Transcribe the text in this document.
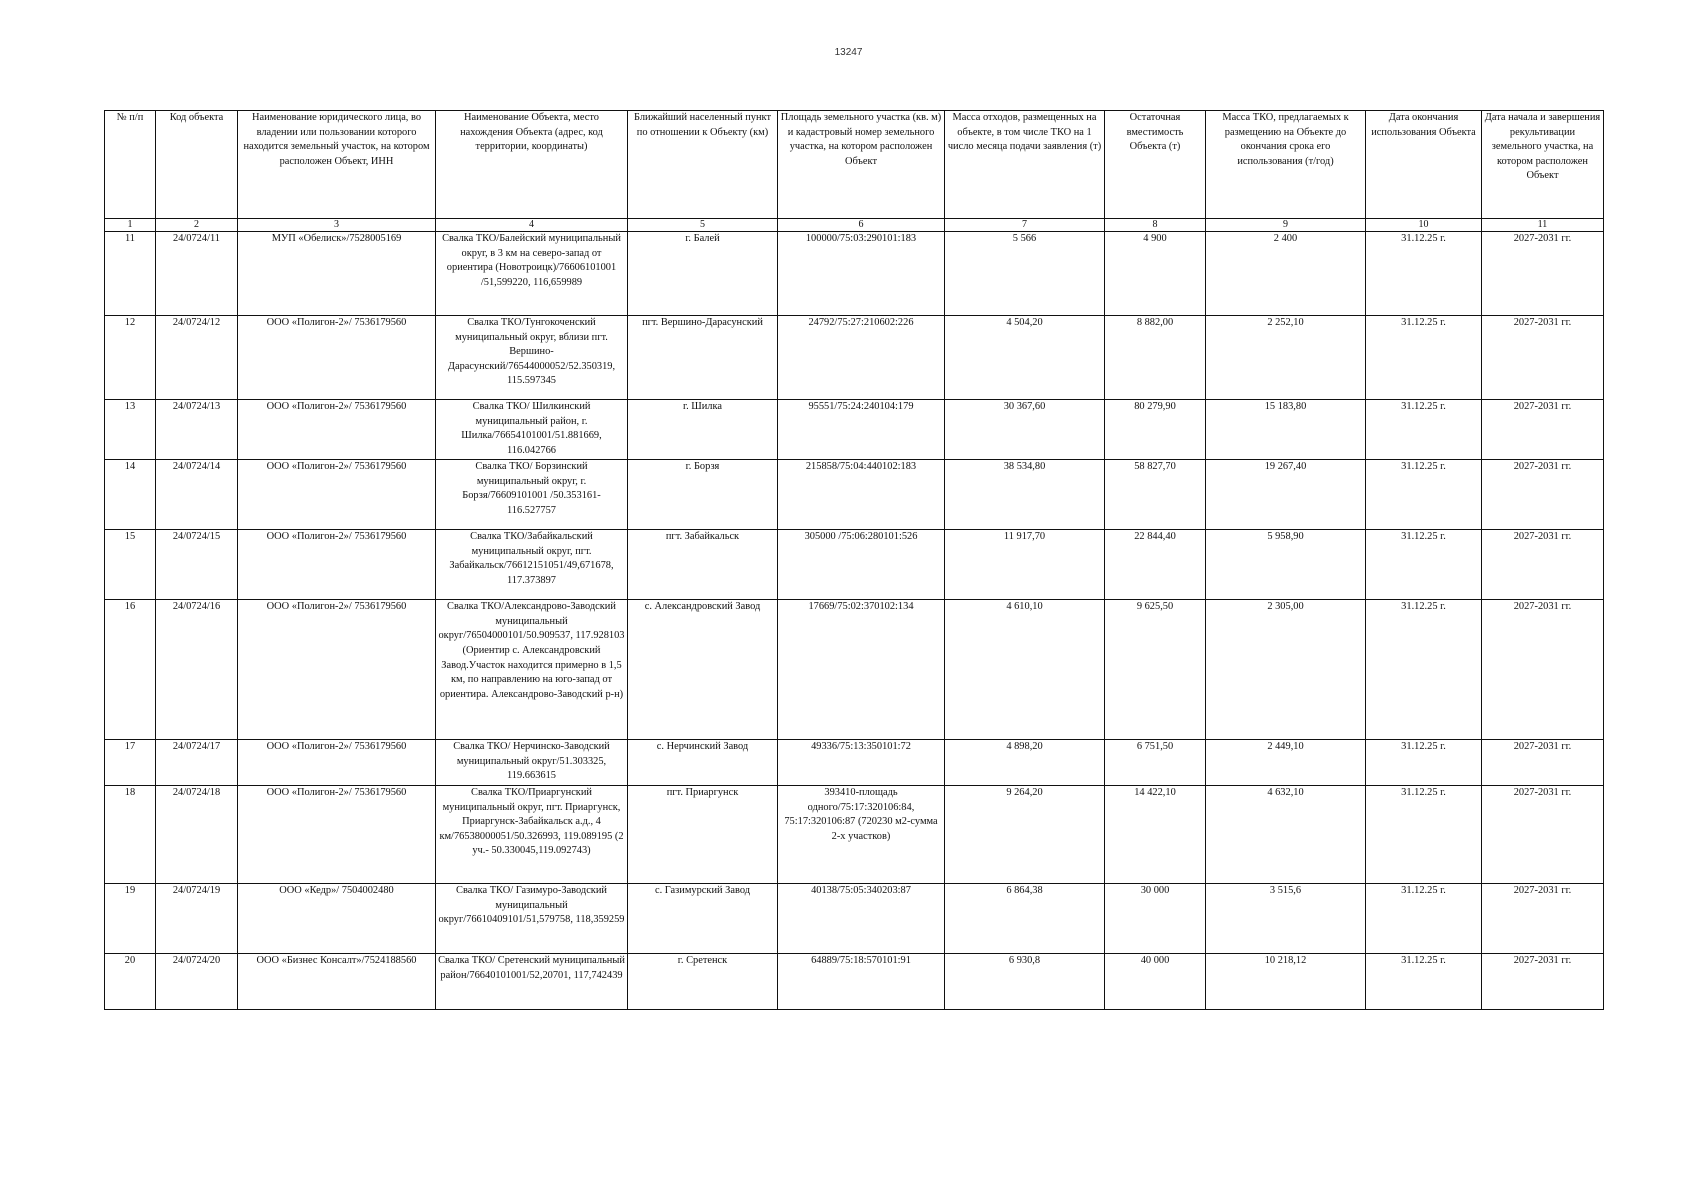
13247
№ п/п	Код объекта	Наименование юридического лица, во владении или пользовании которого находится земельный участок, на котором расположен Объект, ИНН	Наименование Объекта, место нахождения Объекта (адрес, код территории, координаты)	Ближайший населенный пункт по отношении к Объекту (км)	Площадь земельного участка (кв. м) и кадастровый номер земельного участка, на котором расположен Объект	Масса отходов, размещенных на объекте, в том числе ТКО на 1 число месяца подачи заявления (т)	Остаточная вместимость Объекта (т)	Масса ТКО, предлагаемых к размещению на Объекте до окончания срока его использования (т/год)	Дата окончания использования Объекта	Дата начала и завершения рекультивации земельного участка, на котором расположен Объект
1	2	3	4	5	6	7	8	9	10	11
11	24/0724/11	МУП «Обелиск»/7528005169	Свалка ТКО/Балейский муниципальный округ, в 3 км на северо-запад от ориентира (Новотроицк)/76606101001 /51,599220, 116,659989	г. Балей	100000/75:03:290101:183	5 566	4 900	2 400	31.12.25 г.	2027-2031 гг.
12	24/0724/12	ООО «Полигон-2»/ 7536179560	Свалка ТКО/Тунгокоченский муниципальный округ, вблизи пгт. Вершино-Дарасунский/76544000052/52.350319, 115.597345	пгт. Вершино-Дарасунский	24792/75:27:210602:226	4 504,20	8 882,00	2 252,10	31.12.25 г.	2027-2031 гг.
13	24/0724/13	ООО «Полигон-2»/ 7536179560	Свалка ТКО/ Шилкинский муниципальный район, г. Шилка/76654101001/51.881669, 116.042766	г. Шилка	95551/75:24:240104:179	30 367,60	80 279,90	15 183,80	31.12.25 г.	2027-2031 гг.
14	24/0724/14	ООО «Полигон-2»/ 7536179560	Свалка ТКО/ Борзинский муниципальный округ, г. Борзя/76609101001 /50.353161-116.527757	г. Борзя	215858/75:04:440102:183	38 534,80	58 827,70	19 267,40	31.12.25 г.	2027-2031 гг.
15	24/0724/15	ООО «Полигон-2»/ 7536179560	Свалка ТКО/Забайкальский муниципальный округ, пгт. Забайкальск/76612151051/49,671678, 117.373897	пгт. Забайкальск	305000 /75:06:280101:526	11 917,70	22 844,40	5 958,90	31.12.25 г.	2027-2031 гг.
16	24/0724/16	ООО «Полигон-2»/ 7536179560	Свалка ТКО/Александрово-Заводский муниципальный округ/76504000101/50.909537, 117.928103 (Ориентир с. Александровский Завод.Участок находится примерно в 1,5 км, по направлению на юго-запад от ориентира. Александрово-Заводский р-н)	с. Александровский Завод	17669/75:02:370102:134	4 610,10	9 625,50	2 305,00	31.12.25 г.	2027-2031 гг.
17	24/0724/17	ООО «Полигон-2»/ 7536179560	Свалка ТКО/ Нерчинско-Заводский муниципальный округ/51.303325, 119.663615	с. Нерчинский Завод	49336/75:13:350101:72	4 898,20	6 751,50	2 449,10	31.12.25 г.	2027-2031 гг.
18	24/0724/18	ООО «Полигон-2»/ 7536179560	Свалка ТКО/Приаргунский муниципальный округ, пгт. Приаргунск, Приаргунск-Забайкальск а.д., 4 км/76538000051/50.326993, 119.089195 (2 уч.- 50.330045,119.092743)	пгт. Приаргунск	393410-площадь одного/75:17:320106:84, 75:17:320106:87 (720230 м2-сумма 2-х участков)	9 264,20	14 422,10	4 632,10	31.12.25 г.	2027-2031 гг.
19	24/0724/19	ООО «Кедр»/ 7504002480	Свалка ТКО/ Газимуро-Заводский муниципальный округ/76610409101/51,579758, 118,359259	с. Газимурский Завод	40138/75:05:340203:87	6 864,38	30 000	3 515,6	31.12.25 г.	2027-2031 гг.
20	24/0724/20	ООО «Бизнес Консалт»/7524188560	Свалка ТКО/ Сретенский муниципальный район/76640101001/52,20701, 117,742439	г. Сретенск	64889/75:18:570101:91	6 930,8	40 000	10 218,12	31.12.25 г.	2027-2031 гг.
